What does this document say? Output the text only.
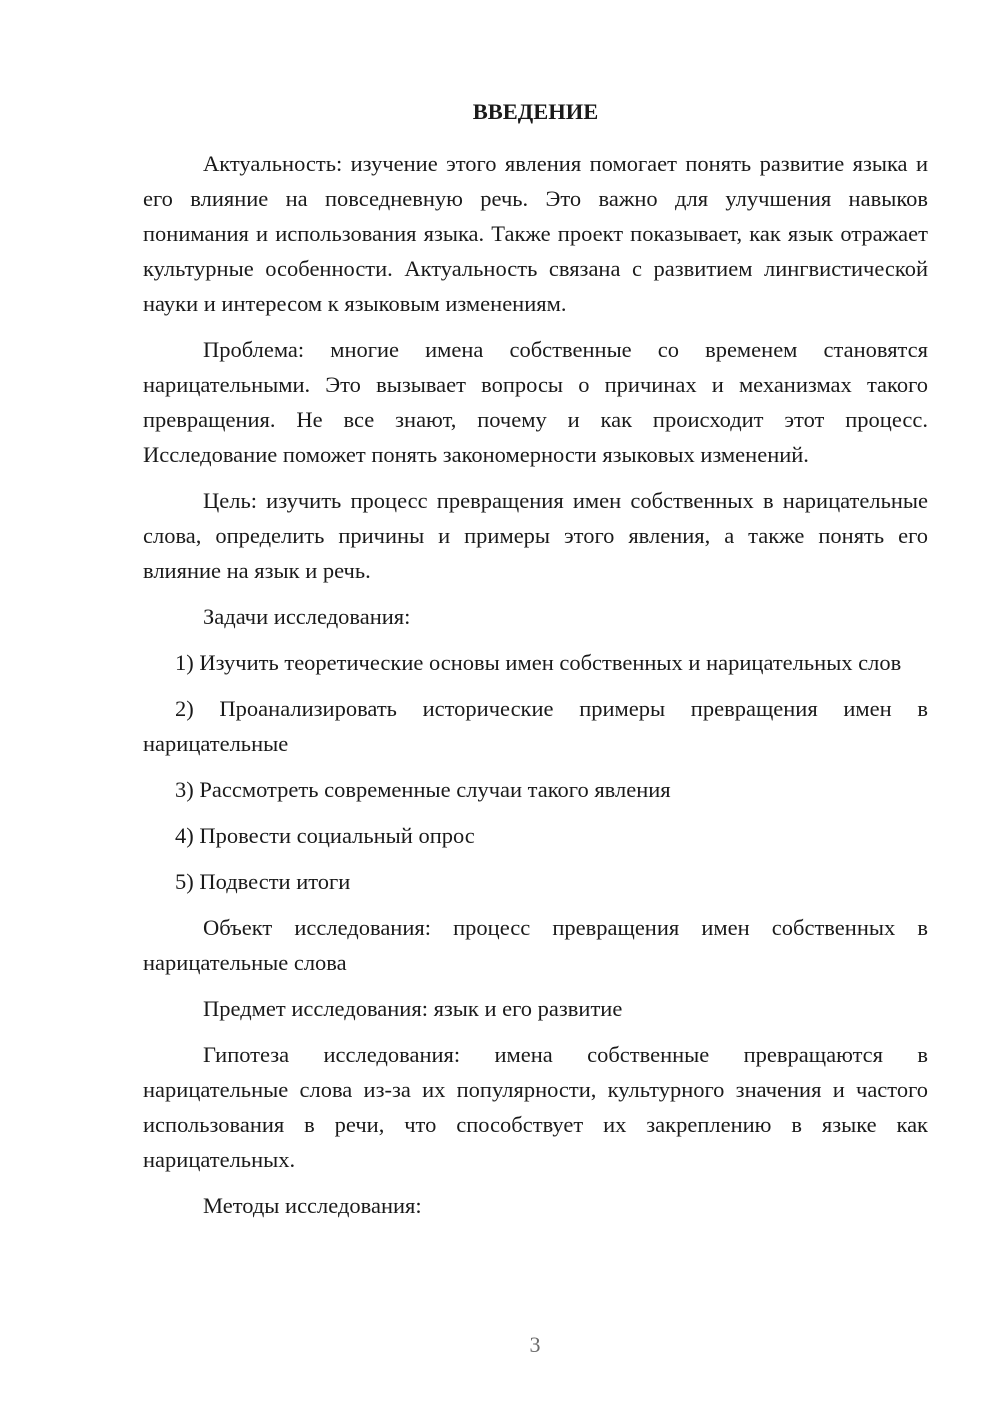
ВВЕДЕНИЕ

Актуальность: изучение этого явления помогает понять развитие языка и его влияние на повседневную речь. Это важно для улучшения навыков понимания и использования языка. Также проект показывает, как язык отражает культурные особенности. Актуальность связана с развитием лингвистической науки и интересом к языковым изменениям.

Проблема: многие имена собственные со временем становятся нарицательными. Это вызывает вопросы о причинах и механизмах такого превращения. Не все знают, почему и как происходит этот процесс. Исследование поможет понять закономерности языковых изменений.

Цель: изучить процесс превращения имен собственных в нарицательные слова, определить причины и примеры этого явления, а также понять его влияние на язык и речь.

Задачи исследования:

1) Изучить теоретические основы имен собственных и нарицательных слов

2) Проанализировать исторические примеры превращения имен в нарицательные

3) Рассмотреть современные случаи такого явления

4) Провести социальный опрос

5) Подвести итоги

Объект исследования: процесс превращения имен собственных в нарицательные слова

Предмет исследования: язык и его развитие

Гипотеза исследования: имена собственные превращаются в нарицательные слова из-за их популярности, культурного значения и частого использования в речи, что способствует их закреплению в языке как нарицательных.

Методы исследования:

3
